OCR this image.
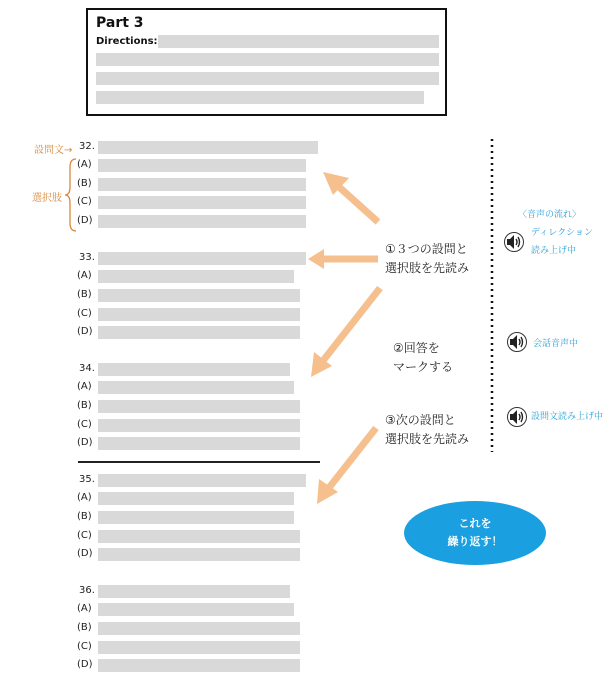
Part 3
Directions:
設問文→
選択肢
32.
(A)
(B)
(C)
(D)
33.
(A)
(B)
(C)
(D)
34.
(A)
(B)
(C)
(D)
35.
(A)
(B)
(C)
(D)
36.
(A)
(B)
(C)
(D)
①３つの設問と
選択肢を先読み
②回答を
マークする
③次の設問と
選択肢を先読み
〈音声の流れ〉
ディレクション
読み上げ中
会話音声中
設問文読み上げ中
これを
繰り返す！
